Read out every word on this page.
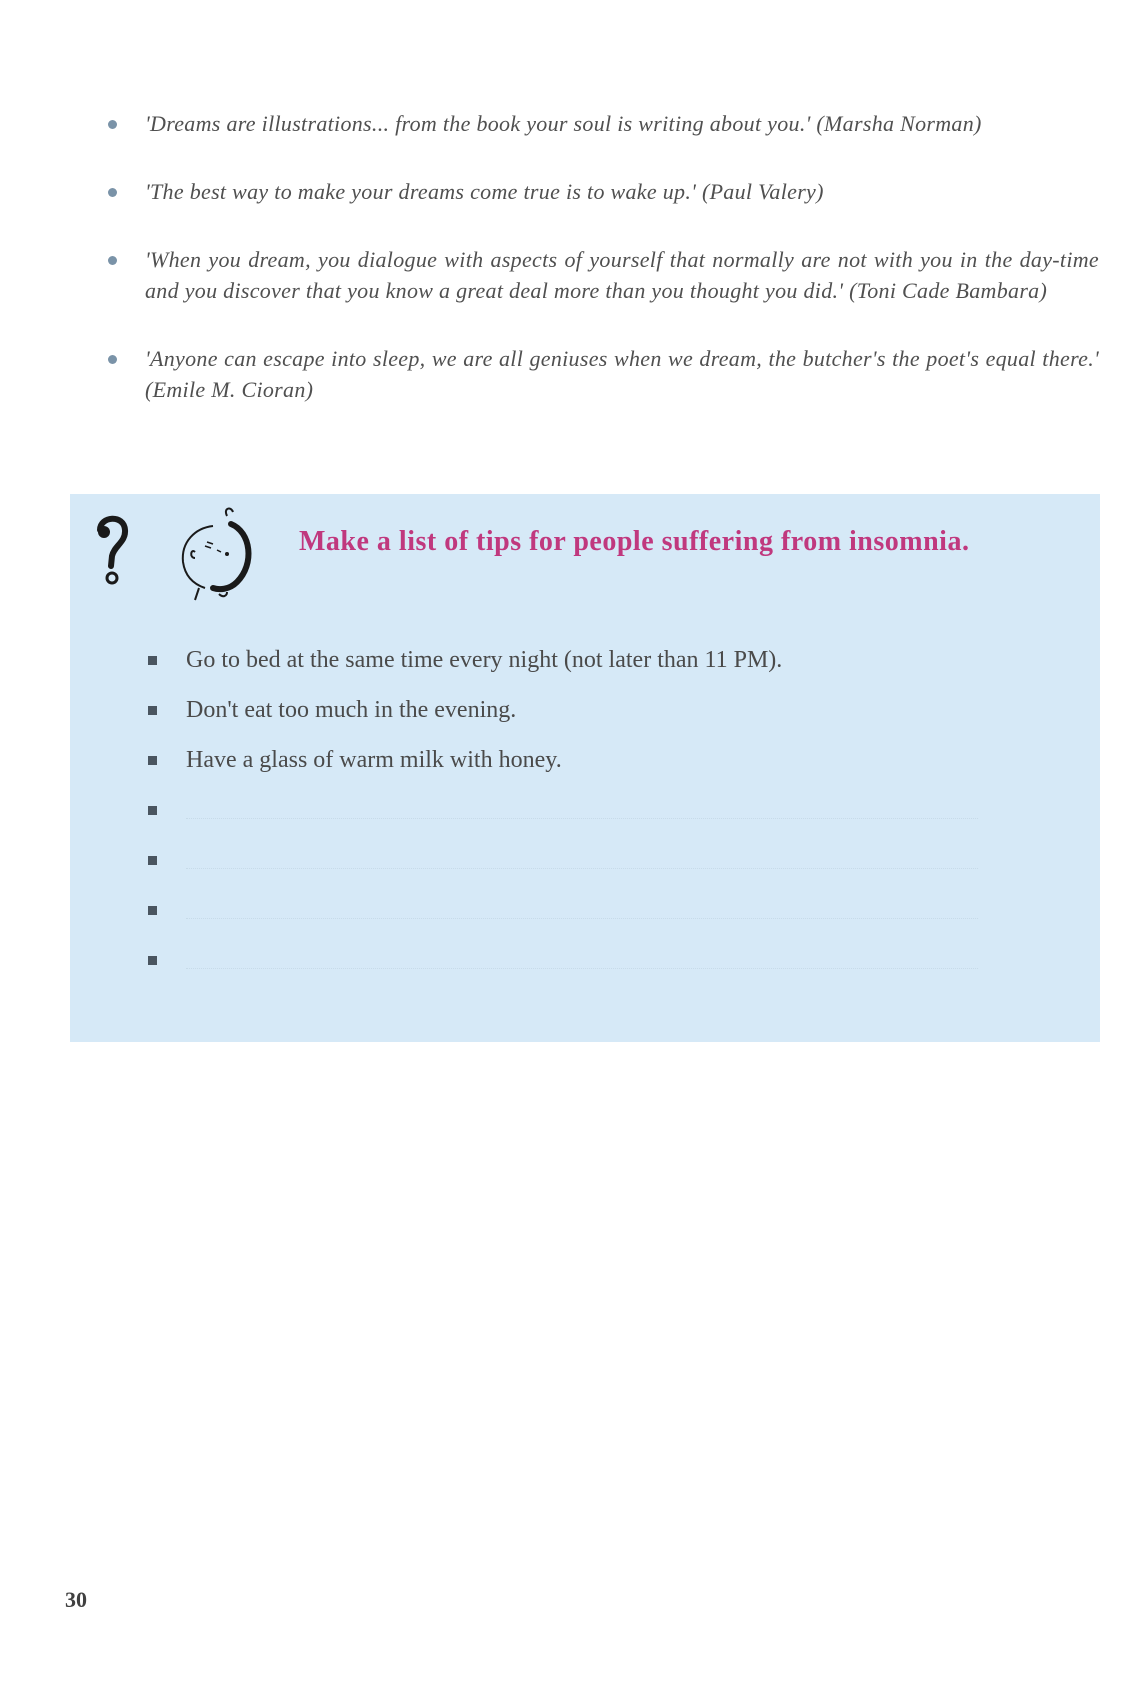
'Dreams are illustrations... from the book your soul is writing about you.' (Marsha Norman)
'The best way to make your dreams come true is to wake up.' (Paul Valery)
'When you dream, you dialogue with aspects of yourself that normally are not with you in the day-time and you discover that you know a great deal more than you thought you did.' (Toni Cade Bambara)
'Anyone can escape into sleep, we are all geniuses when we dream, the butcher's the poet's equal there.' (Emile M. Cioran)
Make a list of tips for people suffering from insomnia.
Go to bed at the same time every night (not later than 11 PM).
Don't eat too much in the evening.
Have a glass of warm milk with honey.
30
